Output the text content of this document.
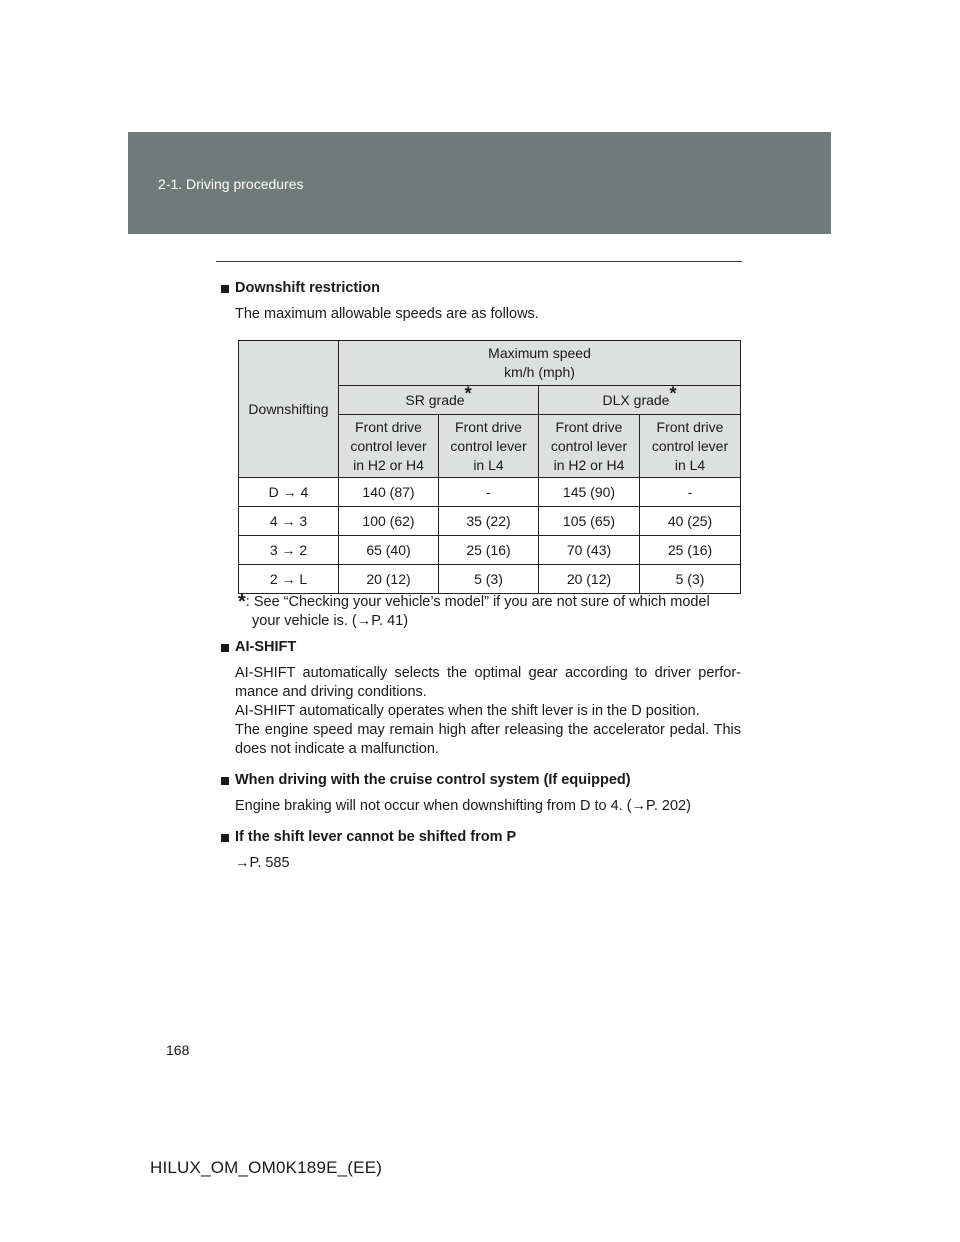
2-1. Driving procedures
Downshift restriction
The maximum allowable speeds are as follows.
Downshifting	Maximum speed
km/h (mph)			
	SR grade*		DLX grade*
	Front drive
control lever
in H2 or H4	Front drive
control lever
in L4	Front drive
control lever
in H2 or H4	Front drive
control lever
in L4
D → 4	140 (87)	-	145 (90)	-
4 → 3	100 (62)	35 (22)	105 (65)	40 (25)
3 → 2	65 (40)	25 (16)	70 (43)	25 (16)
2 → L	20 (12)	5 (3)	20 (12)	5 (3)
*: See “Checking your vehicle’s model” if you are not sure of which model
your vehicle is. (→P. 41)
AI-SHIFT
AI-SHIFT automatically selects the optimal gear according to driver perfor-mance and driving conditions.
AI-SHIFT automatically operates when the shift lever is in the D position.
The engine speed may remain high after releasing the accelerator pedal. This does not indicate a malfunction.
When driving with the cruise control system (If equipped)
Engine braking will not occur when downshifting from D to 4. (→P. 202)
If the shift lever cannot be shifted from P
→P. 585
168
HILUX_OM_OM0K189E_(EE)
